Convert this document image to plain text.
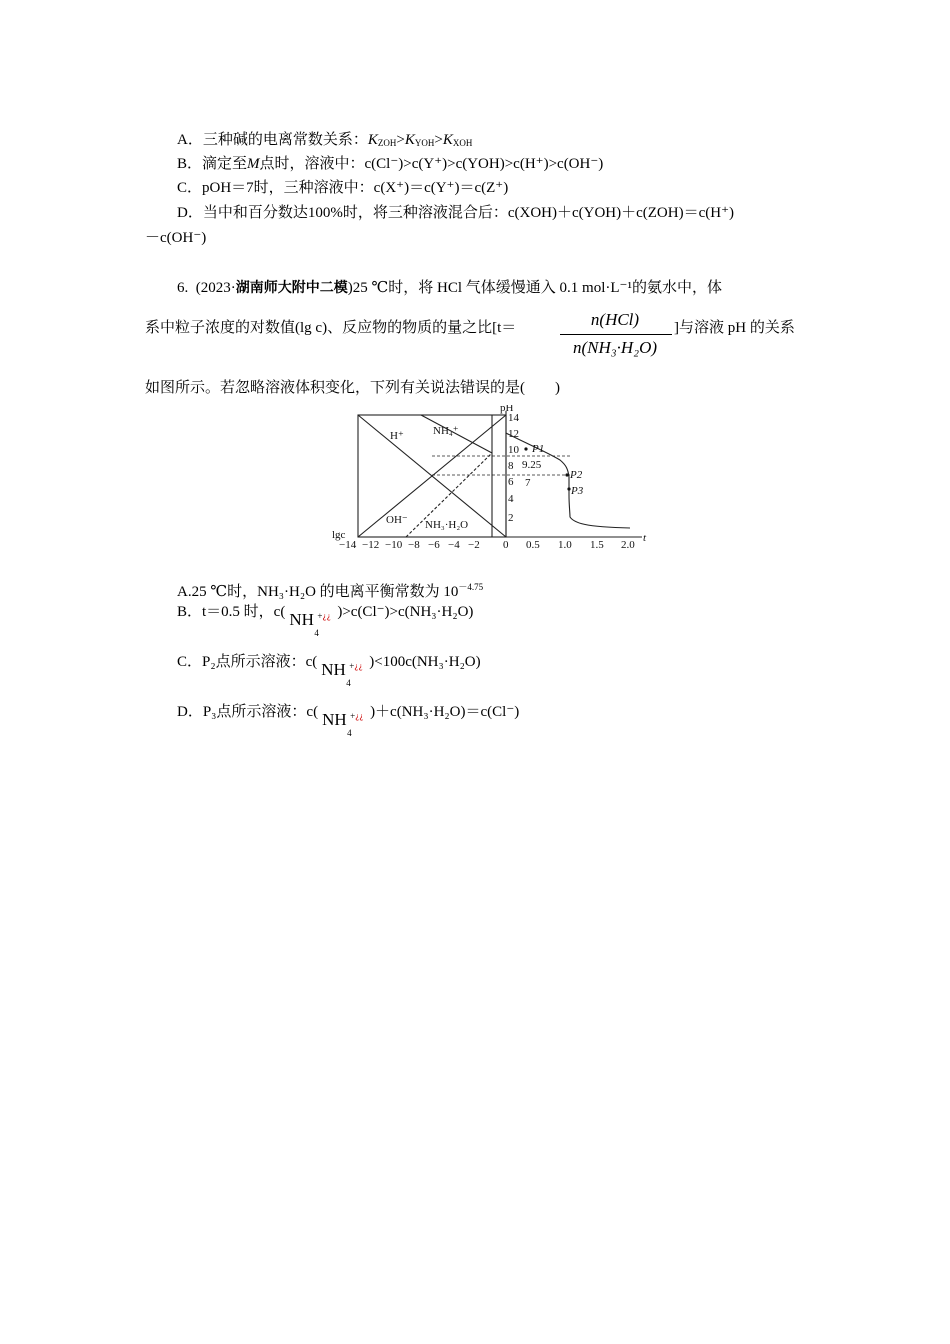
A．三种碱的电离常数关系：$K_{ZOH}>K_{YOH}>K_{XOH}$
B．滴定至M点时，溶液中：c(Cl⁻)>c(Y⁺)>c(YOH)>c(H⁺)>c(OH⁻)
C．pOH＝7时，三种溶液中：c(X⁺)＝c(Y⁺)＝c(Z⁺)
D．当中和百分数达100%时，将三种溶液混合后：c(XOH)＋c(YOH)＋c(ZOH)＝c(H⁺)
－c(OH⁻)
6. (2023·湖南师大附中二模)25 ℃时，将 HCl 气体缓慢通入 0.1 mol·L⁻¹的氨水中，体
系中粒子浓度的对数值(lg c)、反应物的物质的量之比[t＝	n(HCl)
n(NH₃·H₂O)
]与溶液 pH 的关系
如图所示。若忽略溶液体积变化，下列有关说法错误的是(　　)
H⁺	NH₄⁺
OH⁻ NH₃·H₂O
lgc
−14 −12 −10 −8 −6 −4 −2
pH
t
14
12
10
8
6
4
2
9.25
7
0 0.5 1.0 1.5 2.0
P1
P2
P3
A.25 ℃时，NH₃·H₂O 的电离平衡常数为 $10^{-4.75}$
B．t＝0.5 时，c( NH
4
+ ¿¿ )>c(Cl⁻)>c(NH₃·H₂O)
C．P₂点所示溶液：c( NH
4
+ ¿¿ )<100c(NH₃·H₂O)
D．P₃点所示溶液：c( NH
4
+ ¿¿ )＋c(NH₃·H₂O)＝c(Cl⁻)
